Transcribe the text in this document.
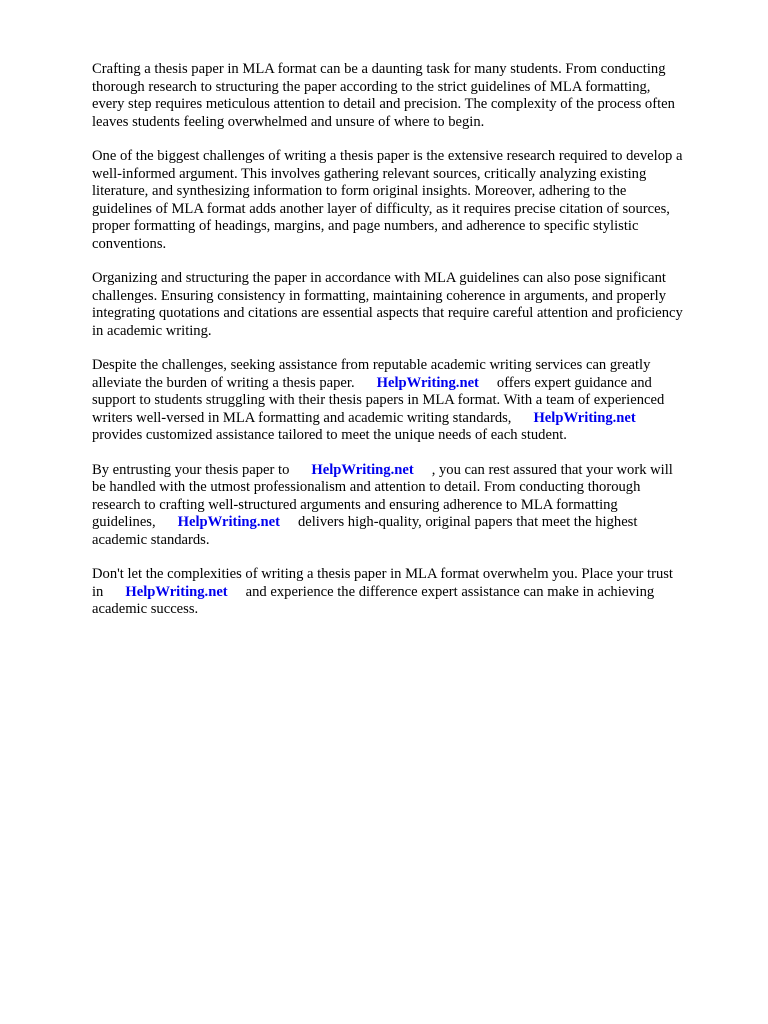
Crafting a thesis paper in MLA format can be a daunting task for many students. From conducting
thorough research to structuring the paper according to the strict guidelines of MLA formatting,
every step requires meticulous attention to detail and precision. The complexity of the process often
leaves students feeling overwhelmed and unsure of where to begin.

One of the biggest challenges of writing a thesis paper is the extensive research required to develop a
well-informed argument. This involves gathering relevant sources, critically analyzing existing
literature, and synthesizing information to form original insights. Moreover, adhering to the
guidelines of MLA format adds another layer of difficulty, as it requires precise citation of sources,
proper formatting of headings, margins, and page numbers, and adherence to specific stylistic
conventions.

Organizing and structuring the paper in accordance with MLA guidelines can also pose significant
challenges. Ensuring consistency in formatting, maintaining coherence in arguments, and properly
integrating quotations and citations are essential aspects that require careful attention and proficiency
in academic writing.

Despite the challenges, seeking assistance from reputable academic writing services can greatly
alleviate the burden of writing a thesis paper. HelpWriting.net offers expert guidance and
support to students struggling with their thesis papers in MLA format. With a team of experienced
writers well-versed in MLA formatting and academic writing standards, HelpWriting.net
provides customized assistance tailored to meet the unique needs of each student.

By entrusting your thesis paper to HelpWriting.net , you can rest assured that your work will
be handled with the utmost professionalism and attention to detail. From conducting thorough
research to crafting well-structured arguments and ensuring adherence to MLA formatting
guidelines, HelpWriting.net delivers high-quality, original papers that meet the highest
academic standards.

Don't let the complexities of writing a thesis paper in MLA format overwhelm you. Place your trust
in HelpWriting.net and experience the difference expert assistance can make in achieving
academic success.
